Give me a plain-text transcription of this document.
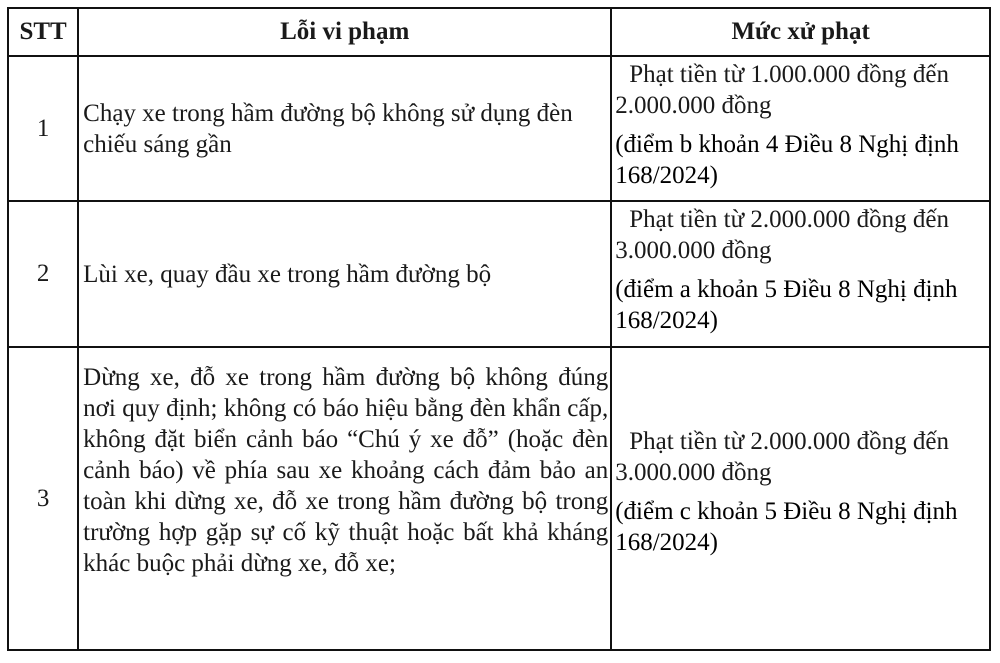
STT	Lỗi vi phạm	Mức xử phạt
1	Chạy xe trong hầm đường bộ không sử dụng đèn chiếu sáng gần	Phạt tiền từ 1.000.000 đồng đến 2.000.000 đồng

(điểm b khoản 4 Điều 8 Nghị định 168/2024)

2	Lùi xe, quay đầu xe trong hầm đường bộ	Phạt tiền từ 2.000.000 đồng đến 3.000.000 đồng

(điểm a khoản 5 Điều 8 Nghị định 168/2024)

3	Dừng xe, đỗ xe trong hầm đường bộ không đúng nơi quy định; không có báo hiệu bằng đèn khẩn cấp, không đặt biển cảnh báo “Chú ý xe đỗ” (hoặc đèn cảnh báo) về phía sau xe khoảng cách đảm bảo an toàn khi dừng xe, đỗ xe trong hầm đường bộ trong trường hợp gặp sự cố kỹ thuật hoặc bất khả kháng khác buộc phải dừng xe, đỗ xe;	Phạt tiền từ 2.000.000 đồng đến 3.000.000 đồng

(điểm c khoản 5 Điều 8 Nghị định 168/2024)
